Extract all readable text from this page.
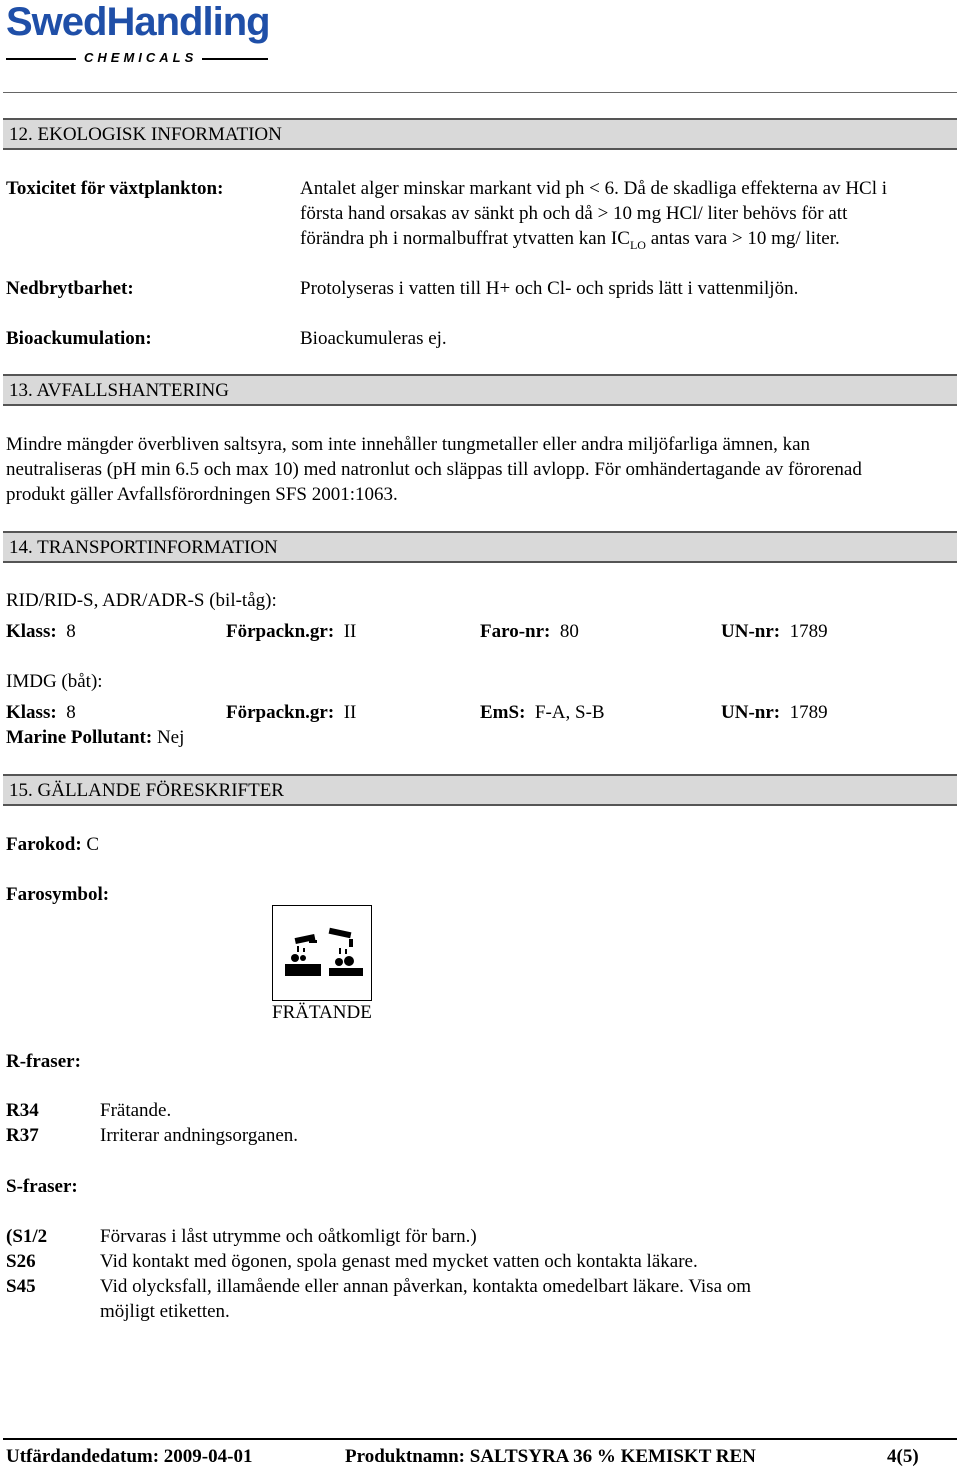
SwedHandling
CHEMICALS
12. EKOLOGISK INFORMATION
Toxicitet för växtplankton:	Antalet alger minskar markant vid ph < 6. Då de skadliga effekterna av HCl i
första hand orsakas av sänkt ph och då > 10 mg HCl/ liter behövs för att
förändra ph i normalbuffrat ytvatten kan $IC_{LO}$ antas vara > 10 mg/ liter.
Nedbrytbarhet:	Protolyseras i vatten till H+ och Cl- och sprids lätt i vattenmiljön.
Bioackumulation:	Bioackumuleras ej.
13. AVFALLSHANTERING
Mindre mängder överbliven saltsyra, som inte innehåller tungmetaller eller andra miljöfarliga ämnen, kan
neutraliseras (pH min 6.5 och max 10) med natronlut och släppas till avlopp. För omhändertagande av förorenad
produkt gäller Avfallsförordningen SFS 2001:1063.
14. TRANSPORTINFORMATION
RID/RID-S, ADR/ADR-S (bil-tåg):
Klass: 8	Förpackn.gr: II	Faro-nr: 80	UN-nr: 1789
IMDG (båt):
Klass: 8	Förpackn.gr: II	EmS: F-A, S-B	UN-nr: 1789
Marine Pollutant: Nej
15. GÄLLANDE FÖRESKRIFTER
Farokod: C
Farosymbol:
FRÄTANDE
R-fraser:
R34	Frätande.
R37	Irriterar andningsorganen.
S-fraser:
(S1/2	Förvaras i låst utrymme och oåtkomligt för barn.)
S26	Vid kontakt med ögonen, spola genast med mycket vatten och kontakta läkare.
S45	Vid olycksfall, illamående eller annan påverkan, kontakta omedelbart läkare. Visa om
möjligt etiketten.
Utfärdandedatum: 2009-04-01	Produktnamn: SALTSYRA 36 % KEMISKT REN	4(5)
